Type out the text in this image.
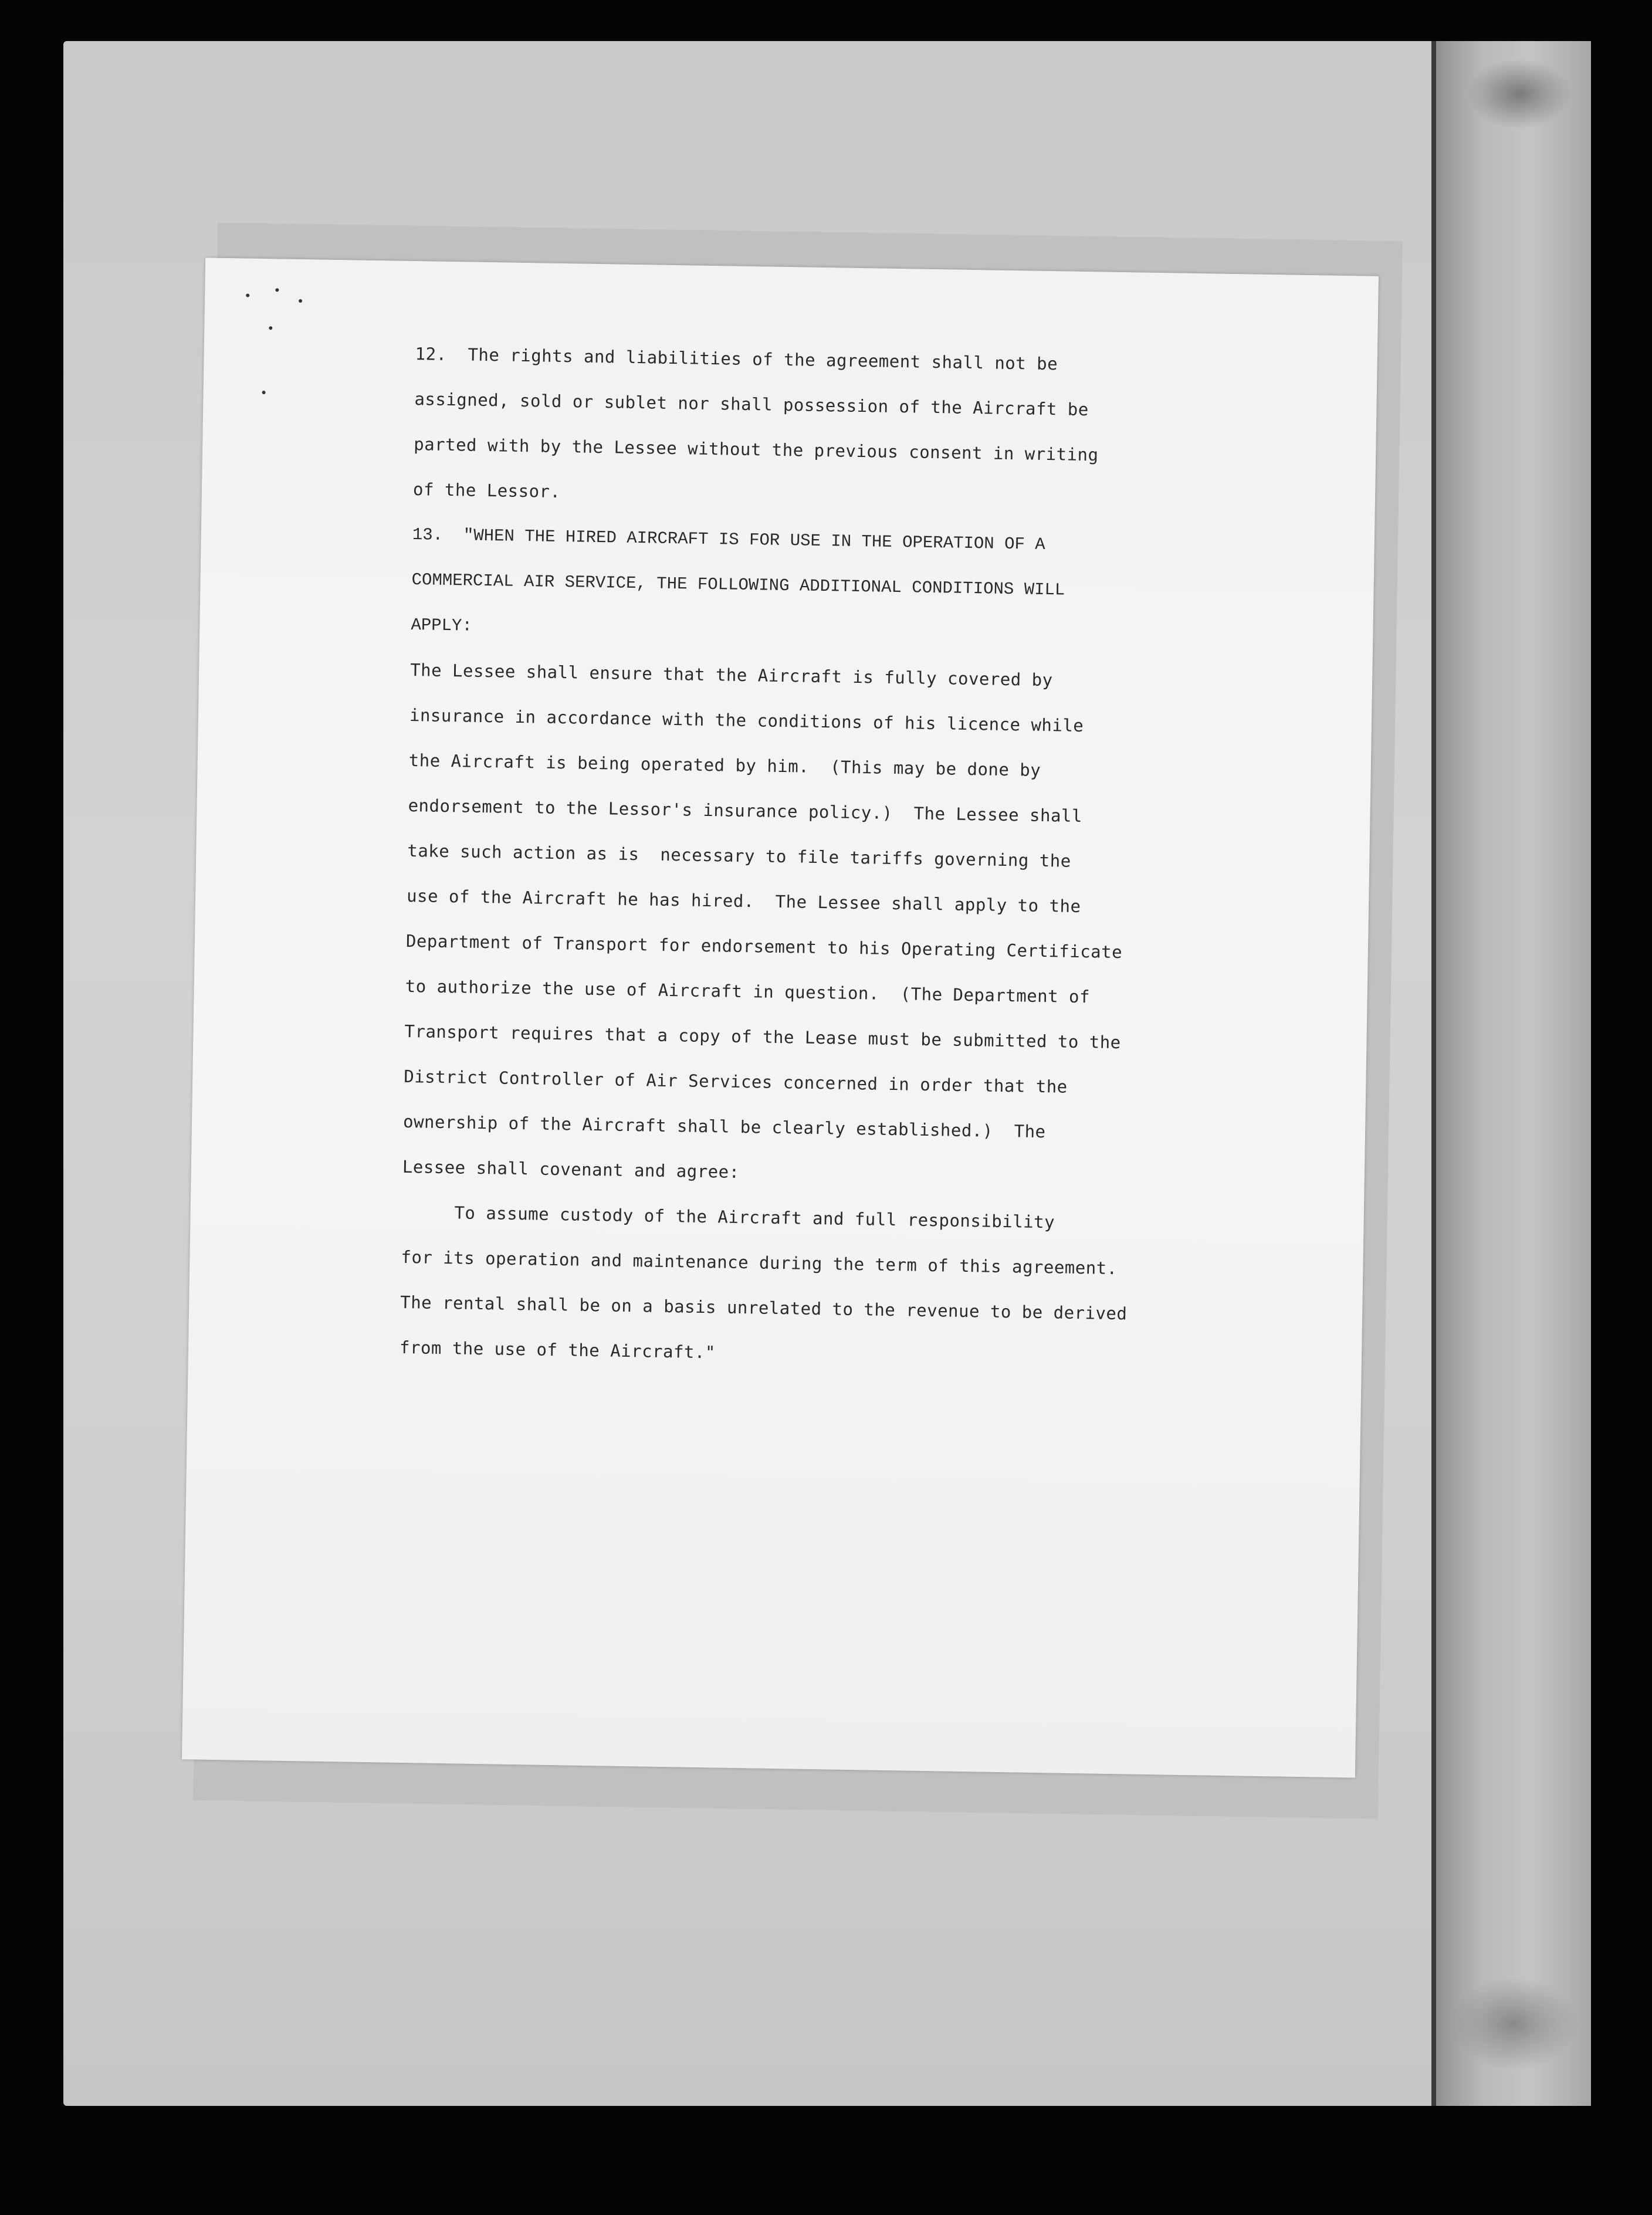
12.  The rights and liabilities of the agreement shall not be

assigned, sold or sublet nor shall possession of the Aircraft be

parted with by the Lessee without the previous consent in writing

of the Lessor.

13.  "WHEN THE HIRED AIRCRAFT IS FOR USE IN THE OPERATION OF A

COMMERCIAL AIR SERVICE, THE FOLLOWING ADDITIONAL CONDITIONS WILL

APPLY:

The Lessee shall ensure that the Aircraft is fully covered by

insurance in accordance with the conditions of his licence while

the Aircraft is being operated by him.  (This may be done by

endorsement to the Lessor's insurance policy.)  The Lessee shall

take such action as is  necessary to file tariffs governing the

use of the Aircraft he has hired.  The Lessee shall apply to the

Department of Transport for endorsement to his Operating Certificate

to authorize the use of Aircraft in question.  (The Department of

Transport requires that a copy of the Lease must be submitted to the

District Controller of Air Services concerned in order that the

ownership of the Aircraft shall be clearly established.)  The

Lessee shall covenant and agree:

To assume custody of the Aircraft and full responsibility

for its operation and maintenance during the term of this agreement.

The rental shall be on a basis unrelated to the revenue to be derived

from the use of the Aircraft."
